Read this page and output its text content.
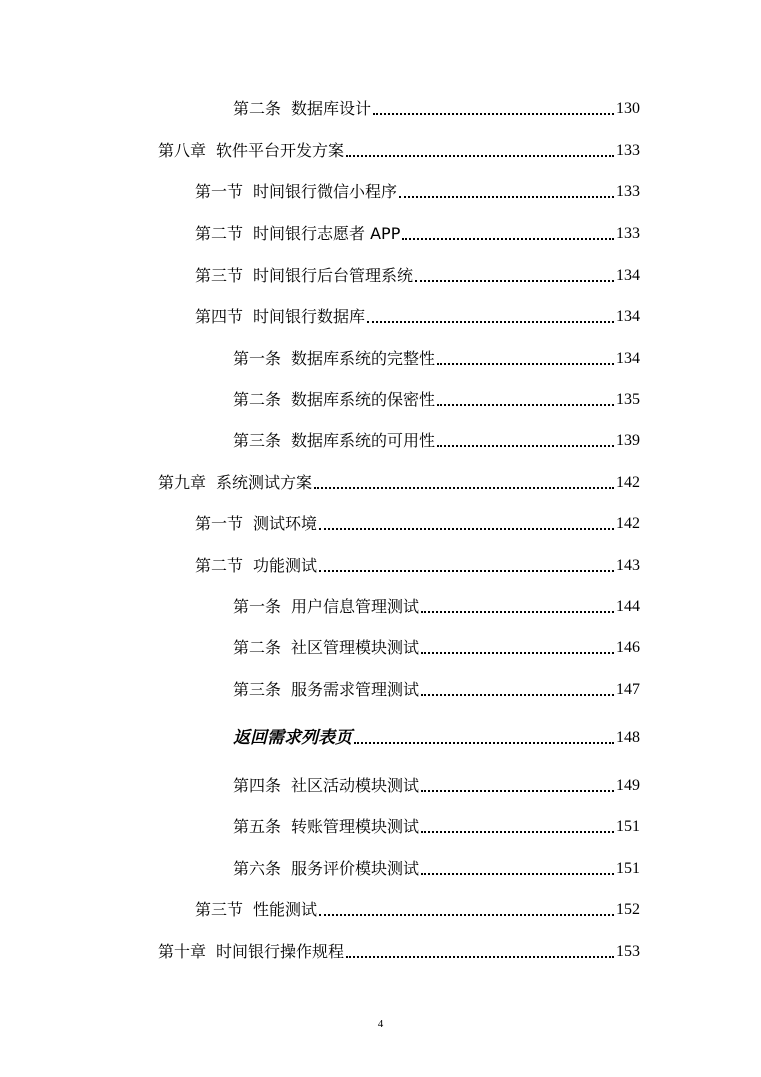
第二条 数据库设计	130
第八章 软件平台开发方案	133
第一节 时间银行微信小程序	133
第二节 时间银行志愿者 APP	133
第三节 时间银行后台管理系统	134
第四节 时间银行数据库	134
第一条 数据库系统的完整性	134
第二条 数据库系统的保密性	135
第三条 数据库系统的可用性	139
第九章 系统测试方案	142
第一节 测试环境	142
第二节 功能测试	143
第一条 用户信息管理测试	144
第二条 社区管理模块测试	146
第三条 服务需求管理测试	147
返回需求列表页	148
第四条 社区活动模块测试	149
第五条 转账管理模块测试	151
第六条 服务评价模块测试	151
第三节 性能测试	152
第十章 时间银行操作规程	153
4
